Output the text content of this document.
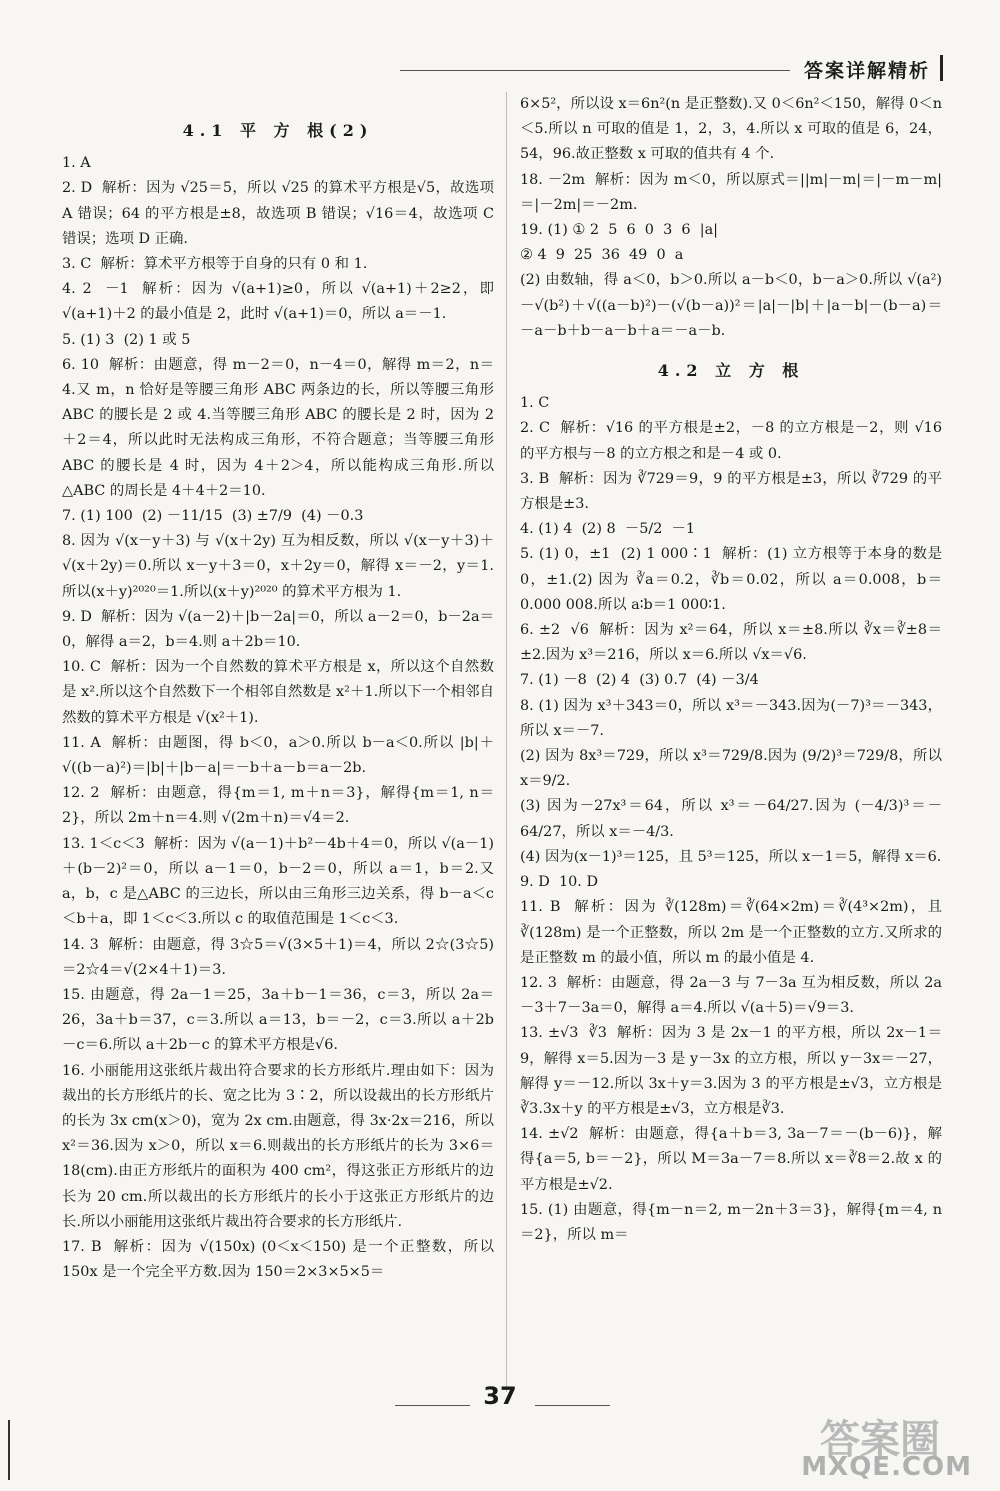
答案详解精析
4.1 平 方 根(2)
1. A
2. D  解析：因为 √25＝5，所以 √25 的算术平方根是√5，故选项 A 错误；64 的平方根是±8，故选项 B 错误；√16＝4，故选项 C 错误；选项 D 正确.
3. C  解析：算术平方根等于自身的只有 0 和 1.
4. 2  －1  解析：因为 √(a+1)≥0，所以 √(a+1)＋2≥2，即 √(a+1)＋2 的最小值是 2，此时 √(a+1)＝0，所以 a＝－1.
5. (1) 3  (2) 1 或 5
6. 10  解析：由题意，得 m－2＝0，n－4＝0，解得 m＝2，n＝4.又 m，n 恰好是等腰三角形 ABC 两条边的长，所以等腰三角形 ABC 的腰长是 2 或 4.当等腰三角形 ABC 的腰长是 2 时，因为 2＋2＝4，所以此时无法构成三角形，不符合题意；当等腰三角形 ABC 的腰长是 4 时，因为 4＋2＞4，所以能构成三角形.所以△ABC 的周长是 4＋4＋2＝10.
7. (1) 100  (2) －11/15  (3) ±7/9  (4) －0.3
8. 因为 √(x－y＋3) 与 √(x＋2y) 互为相反数，所以 √(x－y＋3)＋√(x＋2y)＝0.所以 x－y＋3＝0，x＋2y＝0，解得 x＝－2，y＝1.所以(x＋y)²⁰²⁰＝1.所以(x＋y)²⁰²⁰ 的算术平方根为 1.
9. D  解析：因为 √(a－2)＋|b－2a|＝0，所以 a－2＝0，b－2a＝0，解得 a＝2，b＝4.则 a＋2b＝10.
10. C  解析：因为一个自然数的算术平方根是 x，所以这个自然数是 x².所以这个自然数下一个相邻自然数是 x²＋1.所以下一个相邻自然数的算术平方根是 √(x²＋1).
11. A  解析：由题图，得 b＜0，a＞0.所以 b－a＜0.所以 |b|＋√((b－a)²)＝|b|＋|b－a|＝－b＋a－b＝a－2b.
12. 2  解析：由题意，得{m＝1, m＋n＝3}，解得{m＝1, n＝2}，所以 2m＋n＝4.则 √(2m＋n)＝√4＝2.
13. 1＜c＜3  解析：因为 √(a－1)＋b²－4b＋4＝0，所以 √(a－1)＋(b－2)²＝0，所以 a－1＝0，b－2＝0，所以 a＝1，b＝2.又 a，b，c 是△ABC 的三边长，所以由三角形三边关系，得 b－a＜c＜b＋a，即 1＜c＜3.所以 c 的取值范围是 1＜c＜3.
14. 3  解析：由题意，得 3☆5＝√(3×5＋1)＝4，所以 2☆(3☆5)＝2☆4＝√(2×4＋1)＝3.
15. 由题意，得 2a－1＝25，3a＋b－1＝36，c＝3，所以 2a＝26，3a＋b＝37，c＝3.所以 a＝13，b＝－2，c＝3.所以 a＋2b－c＝6.所以 a＋2b－c 的算术平方根是√6.
16. 小丽能用这张纸片裁出符合要求的长方形纸片.理由如下：因为裁出的长方形纸片的长、宽之比为 3∶2，所以设裁出的长方形纸片的长为 3x cm(x＞0)，宽为 2x cm.由题意，得 3x·2x＝216，所以 x²＝36.因为 x＞0，所以 x＝6.则裁出的长方形纸片的长为 3×6＝18(cm).由正方形纸片的面积为 400 cm²，得这张正方形纸片的边长为 20 cm.所以裁出的长方形纸片的长小于这张正方形纸片的边长.所以小丽能用这张纸片裁出符合要求的长方形纸片.
17. B  解析：因为 √(150x) (0＜x＜150) 是一个正整数，所以 150x 是一个完全平方数.因为 150＝2×3×5×5＝
6×5²，所以设 x＝6n²(n 是正整数).又 0＜6n²＜150，解得 0＜n＜5.所以 n 可取的值是 1，2，3，4.所以 x 可取的值是 6，24，54，96.故正整数 x 可取的值共有 4 个.
18. －2m  解析：因为 m＜0，所以原式＝||m|－m|＝|－m－m|＝|－2m|＝－2m.
19. (1) ① 2  5  6  0  3  6  |a|
② 4  9  25  36  49  0  a
(2) 由数轴，得 a＜0，b＞0.所以 a－b＜0，b－a＞0.所以 √(a²)－√(b²)＋√((a－b)²)－(√(b－a))²＝|a|－|b|＋|a－b|－(b－a)＝－a－b＋b－a－b＋a＝－a－b.
4.2 立 方 根
1. C
2. C  解析：√16 的平方根是±2，－8 的立方根是－2，则 √16 的平方根与－8 的立方根之和是－4 或 0.
3. B  解析：因为 ∛729＝9，9 的平方根是±3，所以 ∛729 的平方根是±3.
4. (1) 4  (2) 8  －5/2  －1
5. (1) 0，±1  (2) 1 000∶1  解析：(1) 立方根等于本身的数是 0，±1.(2) 因为 ∛a＝0.2，∛b＝0.02，所以 a＝0.008，b＝0.000 008.所以 a∶b＝1 000∶1.
6. ±2  √6  解析：因为 x²＝64，所以 x＝±8.所以 ∛x＝∛±8＝±2.因为 x³＝216，所以 x＝6.所以 √x＝√6.
7. (1) －8  (2) 4  (3) 0.7  (4) －3/4
8. (1) 因为 x³＋343＝0，所以 x³＝－343.因为(－7)³＝－343，所以 x＝－7.
(2) 因为 8x³＝729，所以 x³＝729/8.因为 (9/2)³＝729/8，所以 x＝9/2.
(3) 因为－27x³＝64，所以 x³＝－64/27.因为 (－4/3)³＝－64/27，所以 x＝－4/3.
(4) 因为(x－1)³＝125，且 5³＝125，所以 x－1＝5，解得 x＝6.
9. D  10. D
11. B  解析：因为 ∛(128m)＝∛(64×2m)＝∛(4³×2m)，且 ∛(128m) 是一个正整数，所以 2m 是一个正整数的立方.又所求的是正整数 m 的最小值，所以 m 的最小值是 4.
12. 3  解析：由题意，得 2a－3 与 7－3a 互为相反数，所以 2a－3＋7－3a＝0，解得 a＝4.所以 √(a＋5)＝√9＝3.
13. ±√3  ∛3  解析：因为 3 是 2x－1 的平方根，所以 2x－1＝9，解得 x＝5.因为－3 是 y－3x 的立方根，所以 y－3x＝－27，解得 y＝－12.所以 3x＋y＝3.因为 3 的平方根是±√3，立方根是∛3.3x＋y 的平方根是±√3，立方根是∛3.
14. ±√2  解析：由题意，得{a＋b＝3, 3a－7＝－(b－6)}，解得{a＝5, b＝－2}，所以 M＝3a－7＝8.所以 x＝∛8＝2.故 x 的平方根是±√2.
15. (1) 由题意，得{m－n＝2, m－2n＋3＝3}，解得{m＝4, n＝2}，所以 m＝
37
答案圈
MXQE.COM
